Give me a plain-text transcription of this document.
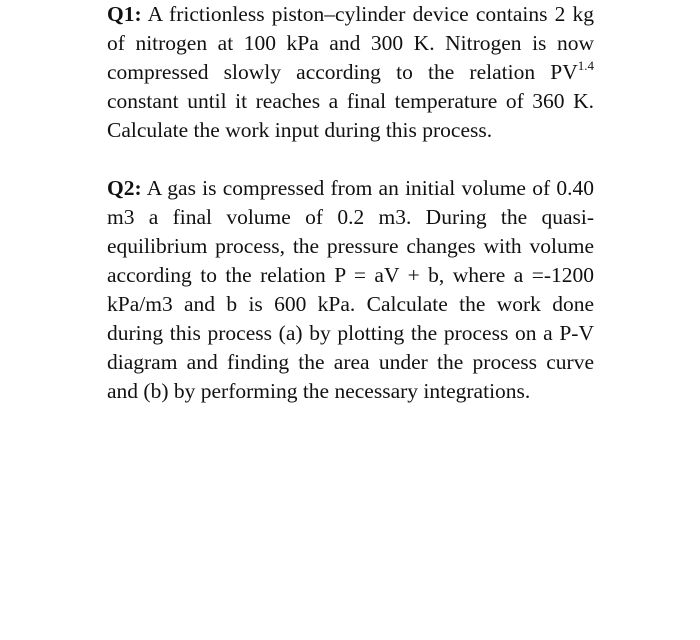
Q1: A frictionless piston–cylinder device contains 2 kg of nitrogen at 100 kPa and 300 K. Nitrogen is now compressed slowly according to the relation $PV^{1.4}$ constant until it reaches a final temperature of 360 K. Calculate the work input during this process.

Q2: A gas is compressed from an initial volume of 0.40 m3 a final volume of 0.2 m3. During the quasi-equilibrium process, the pressure changes with volume according to the relation P = aV + b, where a =-1200 kPa/m3 and b is 600 kPa. Calculate the work done during this process (a) by plotting the process on a P-V diagram and finding the area under the process curve and (b) by performing the necessary integrations.
